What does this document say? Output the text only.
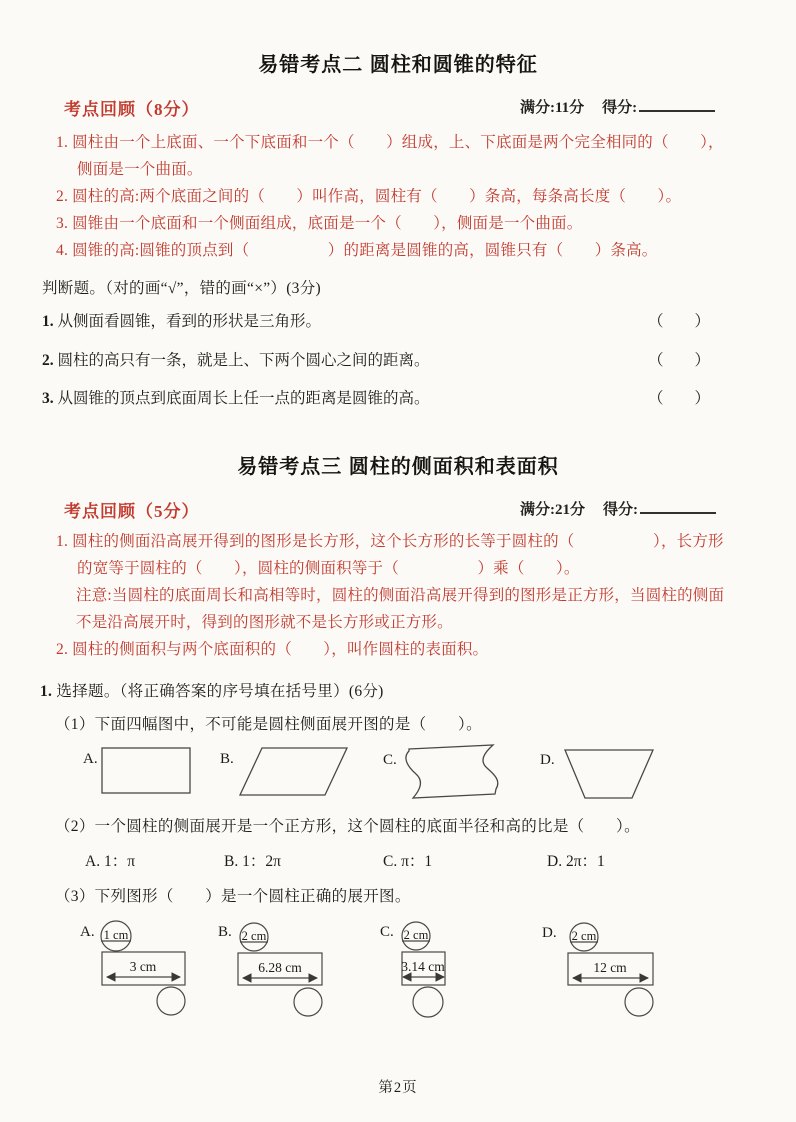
易错考点二 圆柱和圆锥的特征
考点回顾（8分）	满分:11分 得分:
1. 圆柱由一个上底面、一个下底面和一个（　　）组成，上、下底面是两个完全相同的（　　），侧面是一个曲面。
2. 圆柱的高:两个底面之间的（　　）叫作高，圆柱有（　　）条高，每条高长度（　　）。
3. 圆锥由一个底面和一个侧面组成，底面是一个（　　），侧面是一个曲面。
4. 圆锥的高:圆锥的顶点到（　　　　　）的距离是圆锥的高，圆锥只有（　　）条高。
判断题。（对的画“√”，错的画“×”）(3分)
1. 从侧面看圆锥，看到的形状是三角形。	（　　）
2. 圆柱的高只有一条，就是上、下两个圆心之间的距离。	（　　）
3. 从圆锥的顶点到底面周长上任一点的距离是圆锥的高。	（　　）
易错考点三 圆柱的侧面积和表面积
考点回顾（5分）	满分:21分 得分:
1. 圆柱的侧面沿高展开得到的图形是长方形，这个长方形的长等于圆柱的（　　　　　），长方形的宽等于圆柱的（　　），圆柱的侧面积等于（　　　　　）乘（　　）。
注意:当圆柱的底面周长和高相等时，圆柱的侧面沿高展开得到的图形是正方形，当圆柱的侧面不是沿高展开时，得到的图形就不是长方形或正方形。
2. 圆柱的侧面积与两个底面积的（　　），叫作圆柱的表面积。
1. 选择题。（将正确答案的序号填在括号里）(6分)
（1）下面四幅图中，不可能是圆柱侧面展开图的是（　　）。
A.	B.	C.	D.
（2）一个圆柱的侧面展开是一个正方形，这个圆柱的底面半径和高的比是（　　）。
A. 1：π	B. 1：2π	C. π：1	D. 2π：1
（3）下列图形（　　）是一个圆柱正确的展开图。
A.	B.	C.	D.
1 cm	2 cm	2 cm	2 cm
3 cm	6.28 cm	3.14 cm	12 cm
第2页
